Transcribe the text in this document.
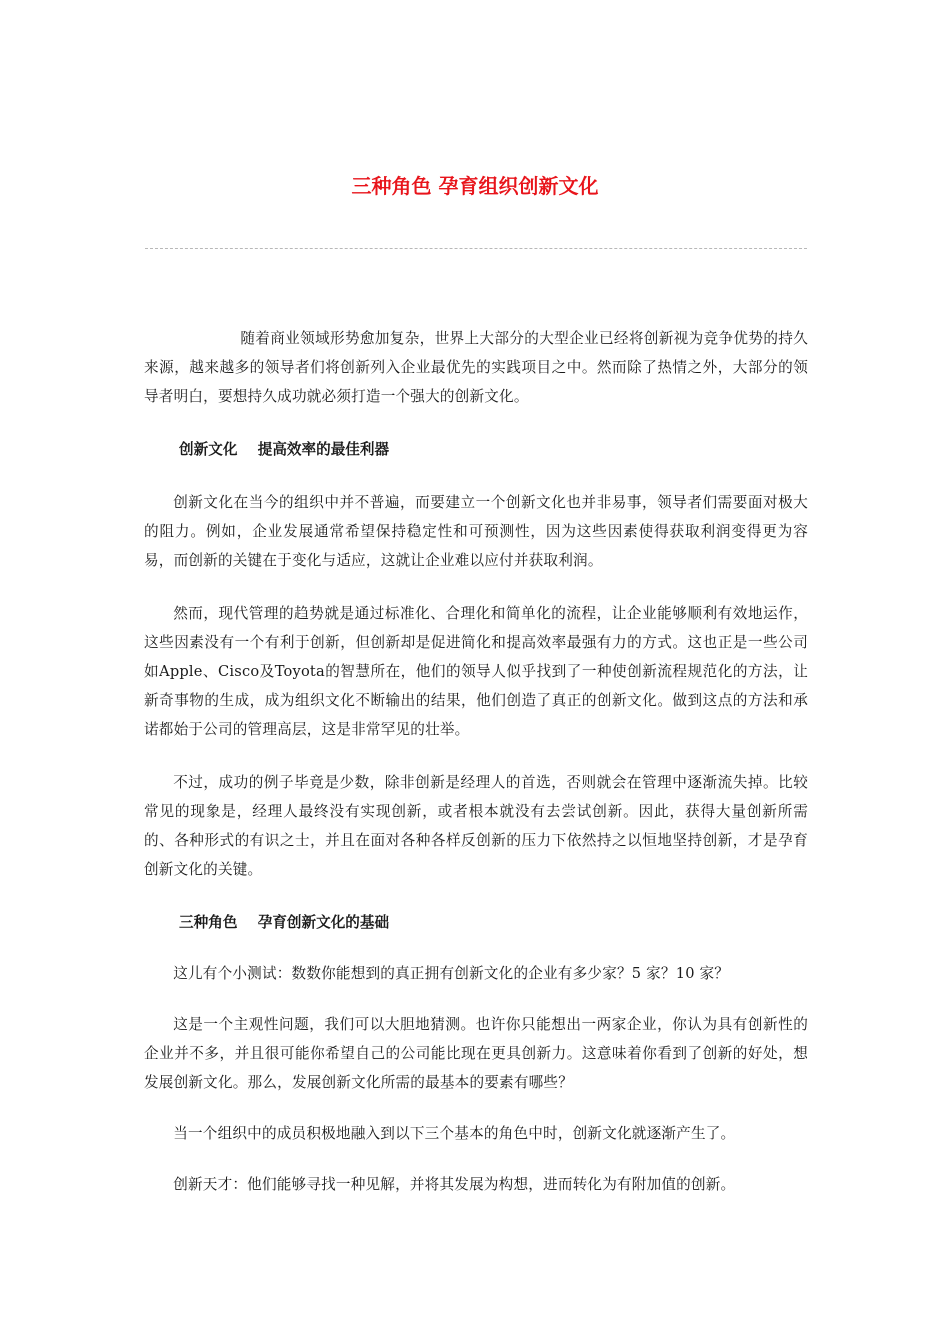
三种角色 孕育组织创新文化

随着商业领域形势愈加复杂，世界上大部分的大型企业已经将创新视为竞争优势的持久来源，越来越多的领导者们将创新列入企业最优先的实践项目之中。然而除了热情之外，大部分的领导者明白，要想持久成功就必须打造一个强大的创新文化。

创新文化    提高效率的最佳利器

创新文化在当今的组织中并不普遍，而要建立一个创新文化也并非易事，领导者们需要面对极大的阻力。例如，企业发展通常希望保持稳定性和可预测性，因为这些因素使得获取利润变得更为容易，而创新的关键在于变化与适应，这就让企业难以应付并获取利润。

然而，现代管理的趋势就是通过标准化、合理化和简单化的流程，让企业能够顺利有效地运作，这些因素没有一个有利于创新，但创新却是促进简化和提高效率最强有力的方式。这也正是一些公司如Apple、Cisco及Toyota的智慧所在，他们的领导人似乎找到了一种使创新流程规范化的方法，让新奇事物的生成，成为组织文化不断输出的结果，他们创造了真正的创新文化。做到这点的方法和承诺都始于公司的管理高层，这是非常罕见的壮举。

不过，成功的例子毕竟是少数，除非创新是经理人的首选，否则就会在管理中逐渐流失掉。比较常见的现象是，经理人最终没有实现创新，或者根本就没有去尝试创新。因此，获得大量创新所需的、各种形式的有识之士，并且在面对各种各样反创新的压力下依然持之以恒地坚持创新，才是孕育创新文化的关键。

三种角色    孕育创新文化的基础

这儿有个小测试：数数你能想到的真正拥有创新文化的企业有多少家？5 家？10 家？

这是一个主观性问题，我们可以大胆地猜测。也许你只能想出一两家企业，你认为具有创新性的企业并不多，并且很可能你希望自己的公司能比现在更具创新力。这意味着你看到了创新的好处，想发展创新文化。那么，发展创新文化所需的最基本的要素有哪些？

当一个组织中的成员积极地融入到以下三个基本的角色中时，创新文化就逐渐产生了。

创新天才：他们能够寻找一种见解，并将其发展为构想，进而转化为有附加值的创新。
